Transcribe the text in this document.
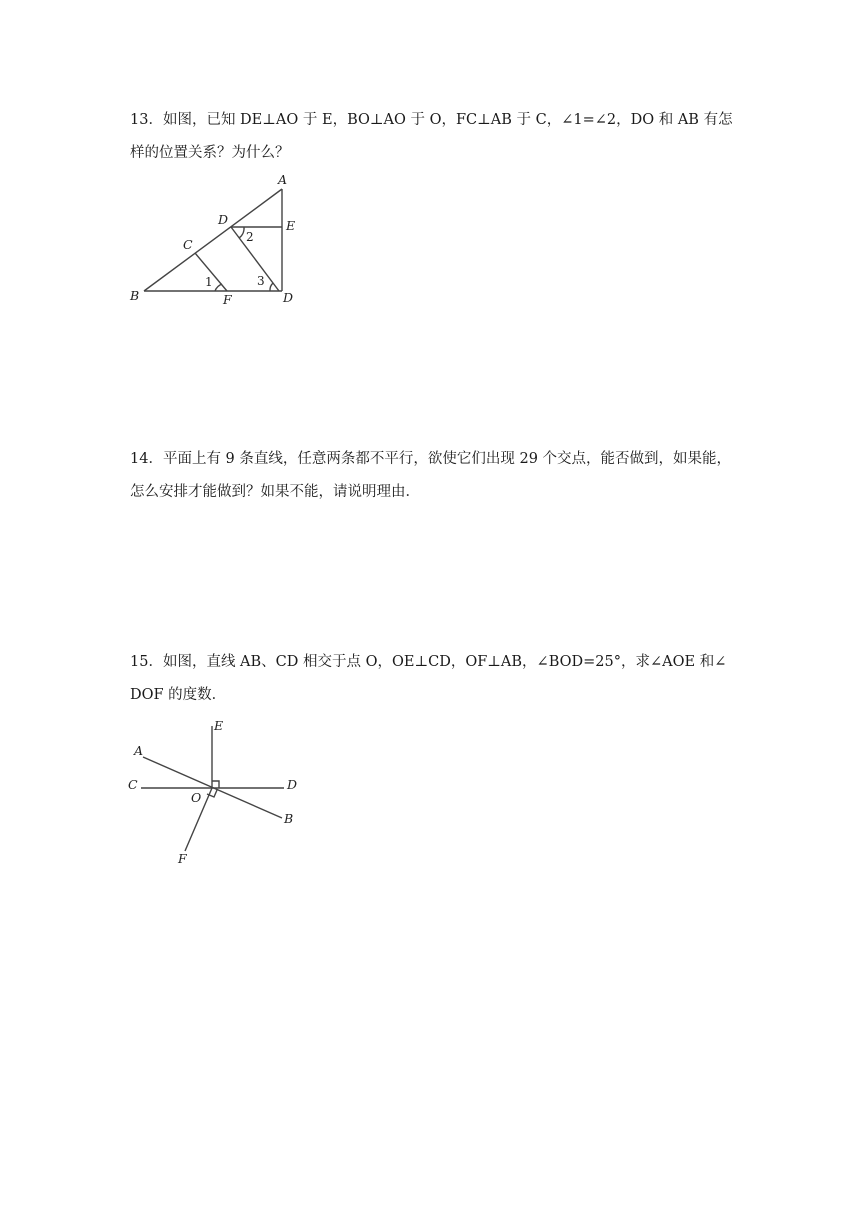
13．如图，已知 DE⊥AO 于 E，BO⊥AO 于 O，FC⊥AB 于 C，∠1=∠2，DO 和 AB 有怎

样的位置关系？为什么？

A
B
C
D
D
E
F
1
2
3

14．平面上有 9 条直线，任意两条都不平行，欲使它们出现 29 个交点，能否做到，如果能，

怎么安排才能做到？如果不能，请说明理由．

15．如图，直线 AB、CD 相交于点 O，OE⊥CD，OF⊥AB，∠BOD=25°，求∠AOE 和∠

DOF 的度数．

E
A
C	D
O
B
F
